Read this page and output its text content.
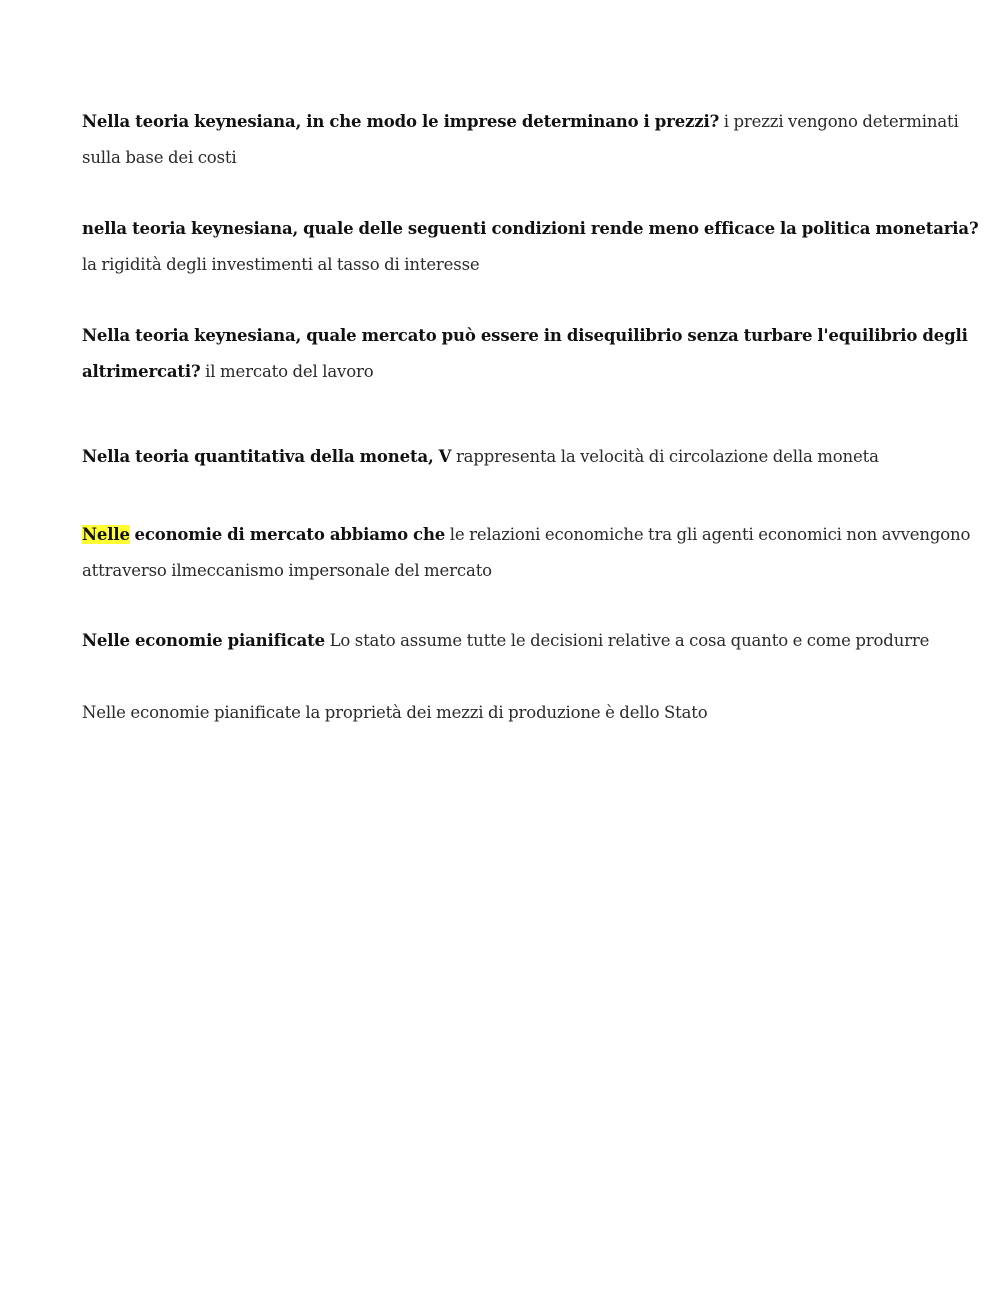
Nella teoria keynesiana, in che modo le imprese determinano i prezzi? i prezzi vengono determinati sulla base dei costi

nella teoria keynesiana, quale delle seguenti condizioni rende meno efficace la politica monetaria? la rigidità degli investimenti al tasso di interesse

Nella teoria keynesiana, quale mercato può essere in disequilibrio senza turbare l'equilibrio degli altrimercati? il mercato del lavoro

Nella teoria quantitativa della moneta, V rappresenta la velocità di circolazione della moneta

Nelle economie di mercato abbiamo che le relazioni economiche tra gli agenti economici non avvengono attraverso ilmeccanismo impersonale del mercato

Nelle economie pianificate Lo stato assume tutte le decisioni relative a cosa quanto e come produrre

Nelle economie pianificate la proprietà dei mezzi di produzione è dello Stato
